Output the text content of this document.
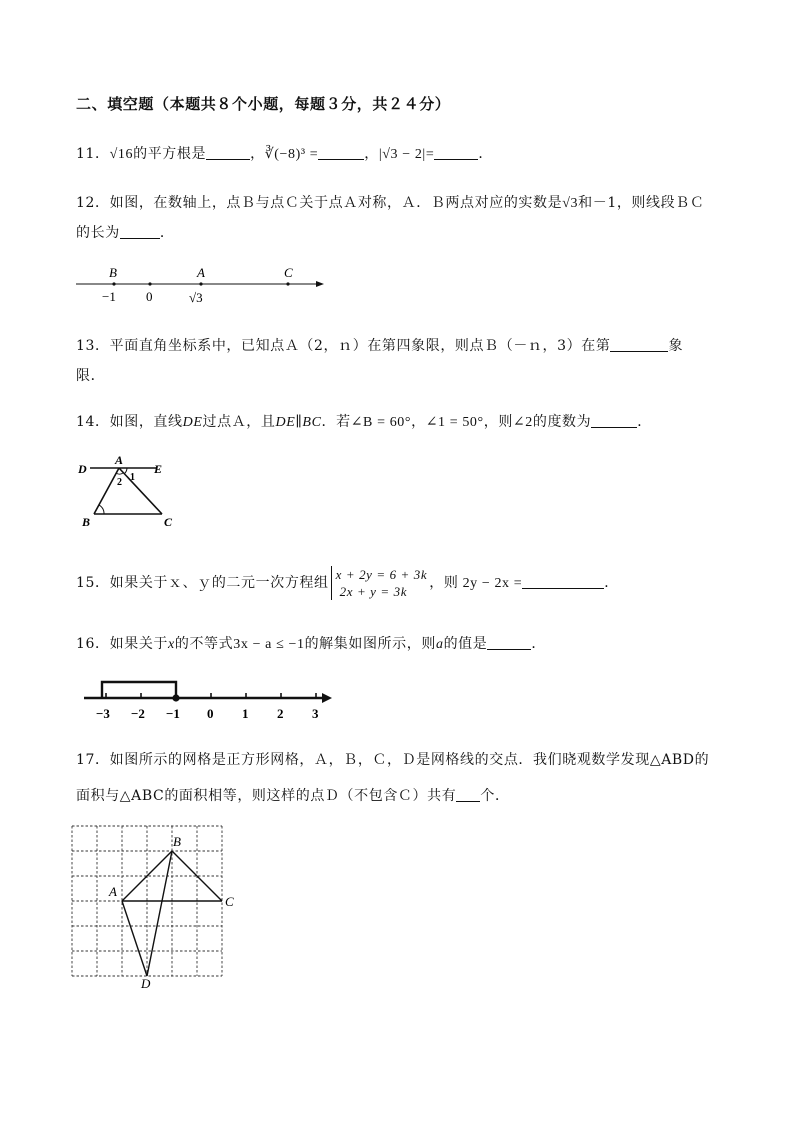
二、填空题（本题共８个小题，每题３分，共２４分）
11．√16的平方根是	，∛(−8)³ =	，|√3 − 2|=	．
12．如图，在数轴上，点Ｂ与点Ｃ关于点Ａ对称，Ａ．Ｂ两点对应的实数是√3和－1，则线段ＢＣ
的长为	．
B	A	C
−1 0	√3
13．平面直角坐标系中，已知点Ａ（2，ｎ）在第四象限，则点Ｂ（－ｎ，3）在第	象
限．
14．如图，直线DE过点Ａ，且DE∥BC．若∠B = 60°，∠1 = 50°，则∠2的度数为	．
D
A
E
B	C
1
2
15．如果关于ｘ、ｙ的二元一次方程组
x + 2y = 6 + 3k
2x + y = 3k
，则 2y − 2x =	．
16．如果关于x的不等式3x − a ≤ −1的解集如图所示，则a的值是	．
−3 −2 −1 0 1 2 3
17．如图所示的网格是正方形网格，Ａ，Ｂ，Ｃ，Ｄ是网格线的交点．我们晓观数学发现△ABD的
面积与△ABC的面积相等，则这样的点Ｄ（不包含Ｃ）共有 个．
A
B
C
D
